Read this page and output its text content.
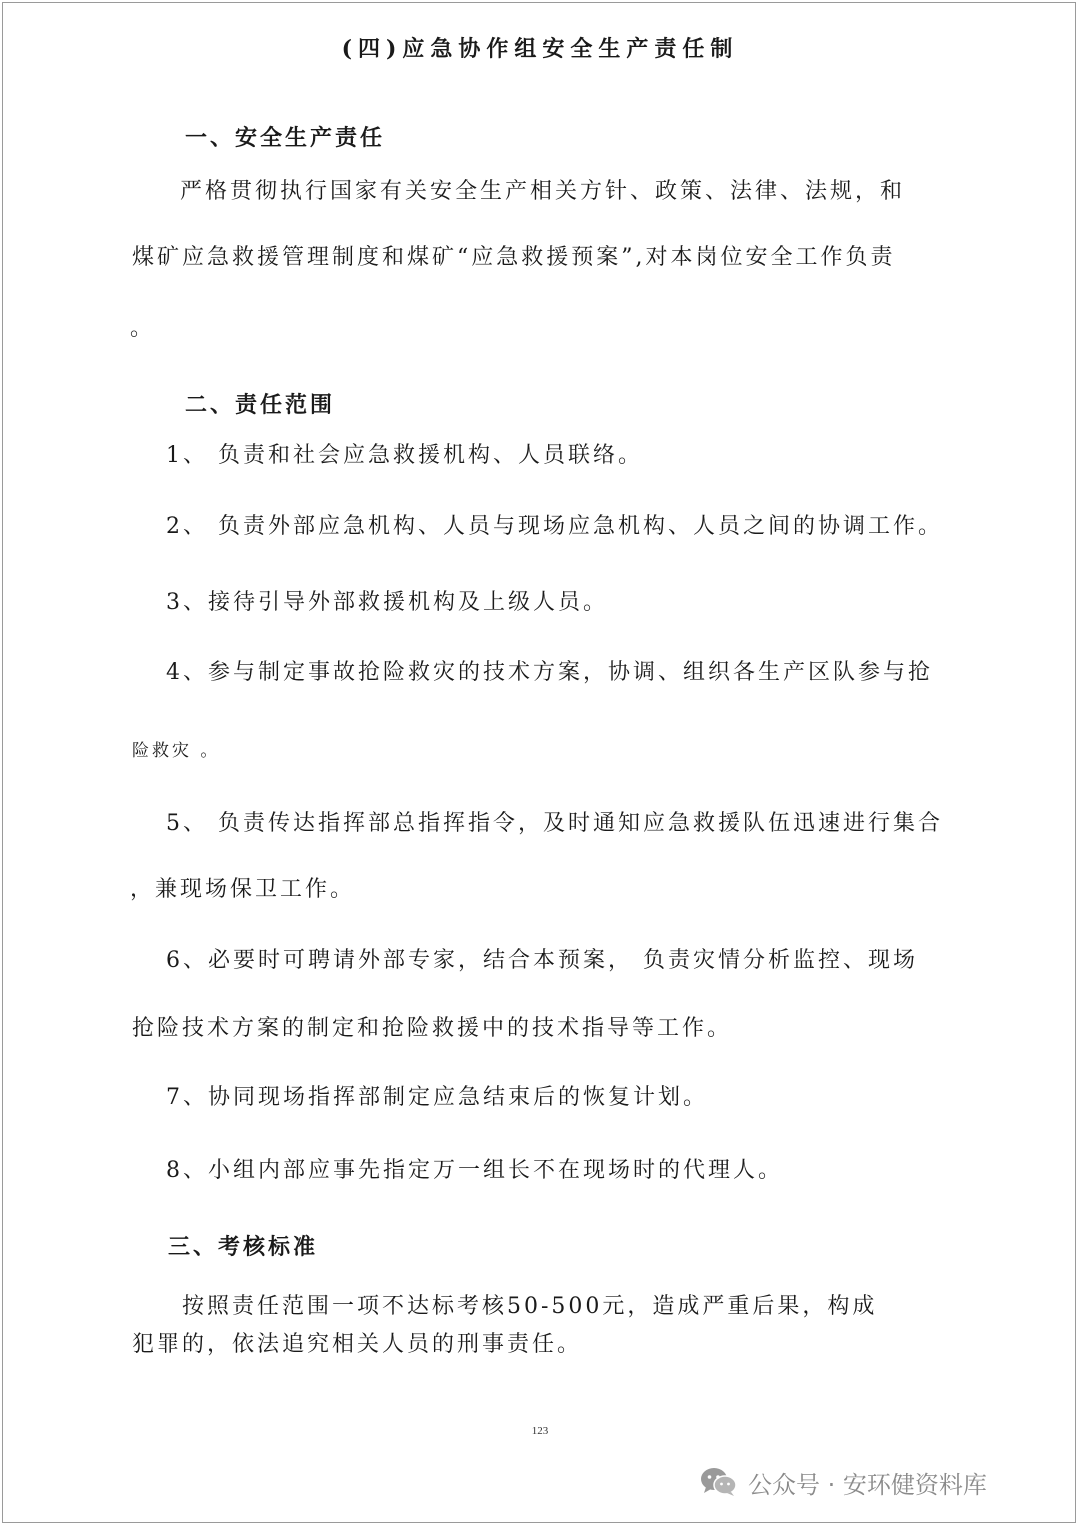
(四)应急协作组安全生产责任制
一、安全生产责任
严格贯彻执行国家有关安全生产相关方针、政策、法律、法规，和
煤矿应急救援管理制度和煤矿“应急救援预案”,对本岗位安全工作负责
。
二、责任范围
1、 负责和社会应急救援机构、人员联络。
2、 负责外部应急机构、人员与现场应急机构、人员之间的协调工作。
3、接待引导外部救援机构及上级人员。
4、参与制定事故抢险救灾的技术方案，协调、组织各生产区队参与抢
险救灾 。
5、 负责传达指挥部总指挥指令，及时通知应急救援队伍迅速进行集合
，兼现场保卫工作。
6、必要时可聘请外部专家，结合本预案， 负责灾情分析监控、现场
抢险技术方案的制定和抢险救援中的技术指导等工作。
7、协同现场指挥部制定应急结束后的恢复计划。
8、小组内部应事先指定万一组长不在现场时的代理人。
三、考核标准
按照责任范围一项不达标考核50-500元，造成严重后果，构成
犯罪的，依法追究相关人员的刑事责任。
123
公众号 · 安环健资料库
